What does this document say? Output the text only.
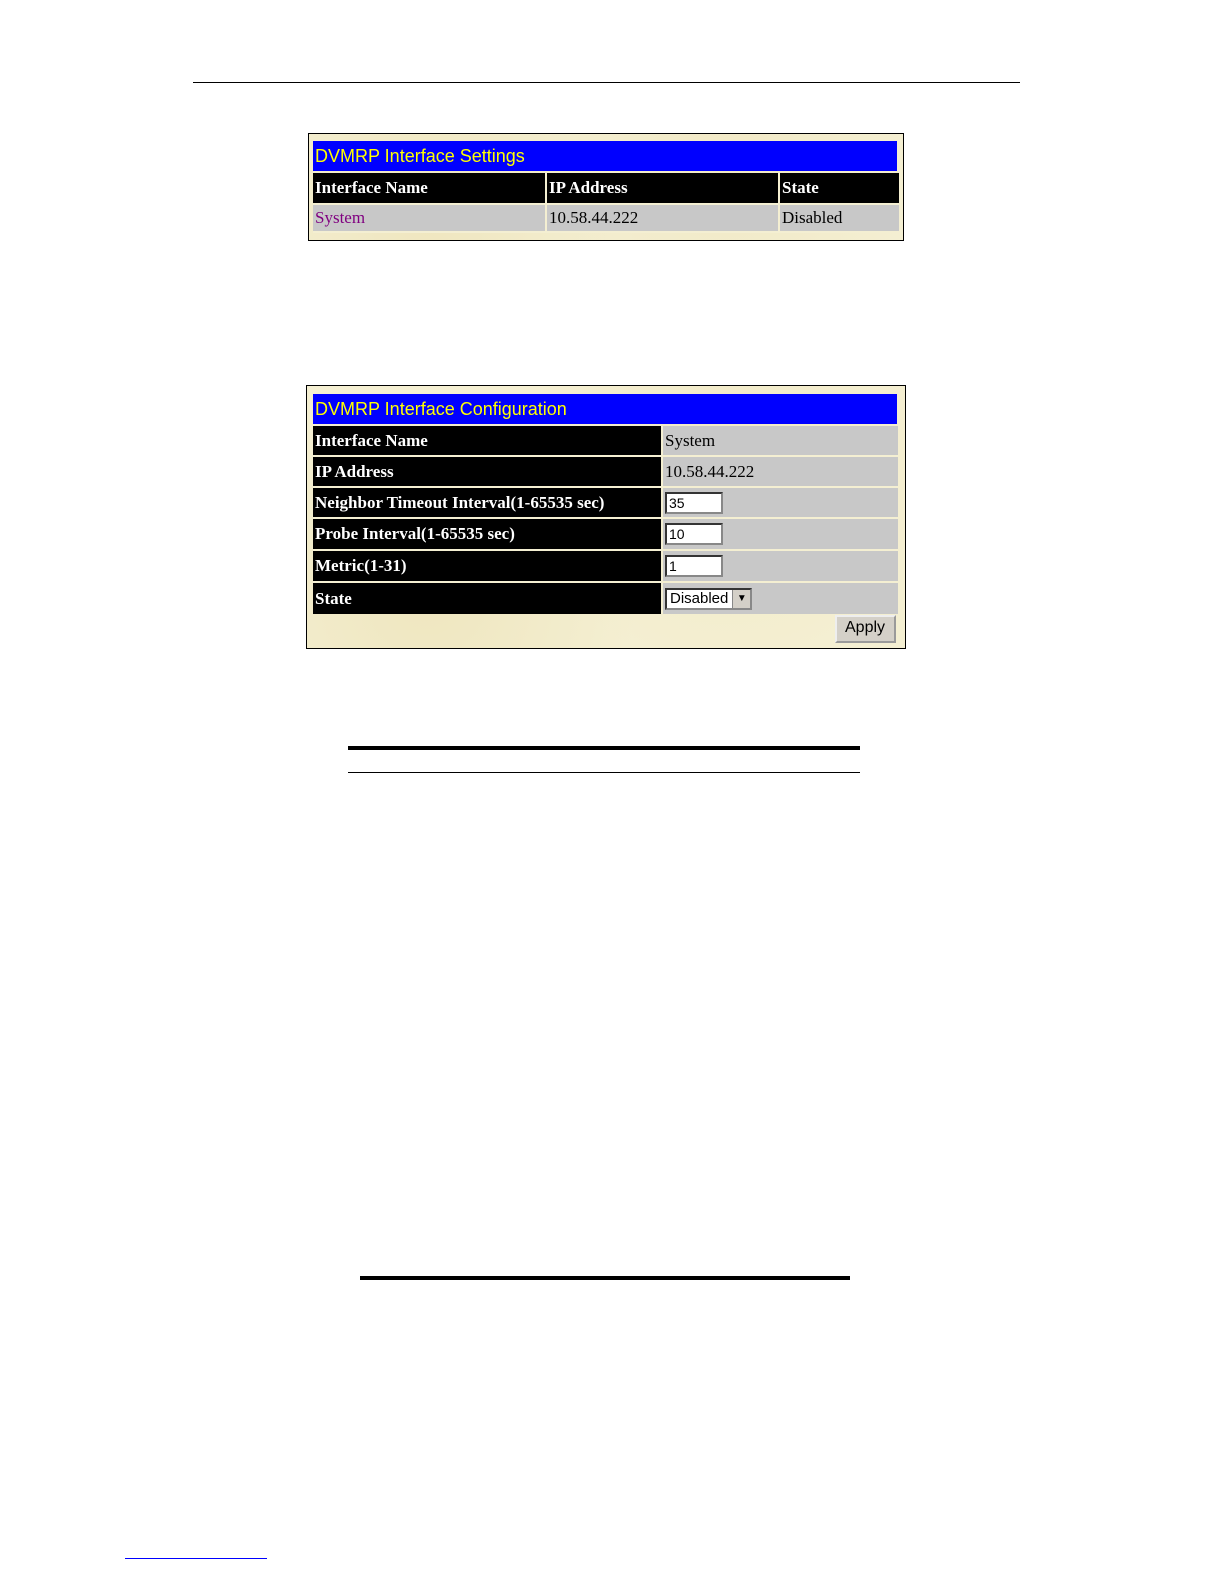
DVMRP Interface Settings
Interface Name	IP Address	State
System	10.58.44.222	Disabled
DVMRP Interface Configuration
Interface Name	System
IP Address	10.58.44.222
Neighbor Timeout Interval(1-65535 sec)	35
Probe Interval(1-65535 sec)	10
Metric(1-31)	1
State	Disabled ▼
Apply
